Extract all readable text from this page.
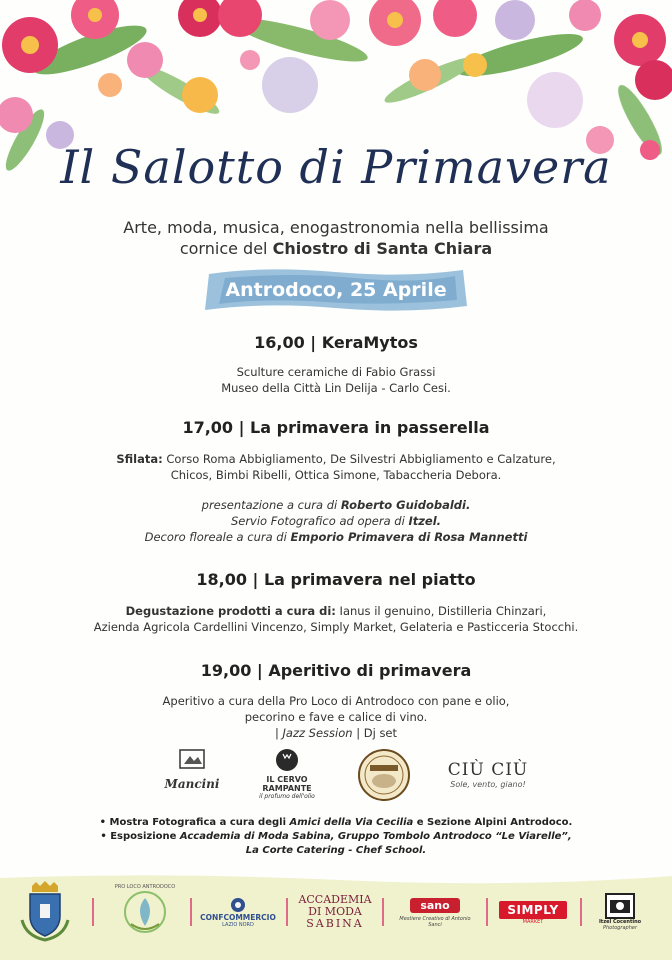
Il Salotto di Primavera
Arte, moda, musica, enogastronomia nella bellissima
cornice del Chiostro di Santa Chiara
Antrodoco, 25 Aprile
16,00 | KeraMytos
Sculture ceramiche di Fabio Grassi
Museo della Città Lin Delija - Carlo Cesi.
17,00 | La primavera in passerella
Sfilata: Corso Roma Abbigliamento, De Silvestri Abbigliamento e Calzature,
Chicos, Bimbi Ribelli, Ottica Simone, Tabaccheria Debora.
presentazione a cura di Roberto Guidobaldi.
Servio Fotografico ad opera di Itzel.
Decoro floreale a cura di Emporio Primavera di Rosa Mannetti
18,00 | La primavera nel piatto
Degustazione prodotti a cura di: Ianus il genuino, Distilleria Chinzari,
Azienda Agricola Cardellini Vincenzo, Simply Market, Gelateria e Pasticceria Stocchi.
19,00 | Aperitivo di primavera
Aperitivo a cura della Pro Loco di Antrodoco con pane e olio,
pecorino e fave e calice di vino.
| Jazz Session | Dj set
Mancini	IL CERVO
RAMPANTE
il profumo dell'olio
CIÙ CIÙ
Sole, vento, giano!
• Mostra Fotografica a cura degli Amici della Via Cecilia e Sezione Alpini Antrodoco.
• Esposizione Accademia di Moda Sabina, Gruppo Tombolo Antrodoco “Le Viarelle”,
La Corte Catering - Chef School.
PRO LOCO ANTRODOCO
CONFCOMMERCIO
LAZIO NORD
ACCADEMIA
DI MODA
SABINA
sano
Mestiere Creativo di Antonio Sanci
SIMPLY
MARKET	Itzel Cocentino
Photographer
